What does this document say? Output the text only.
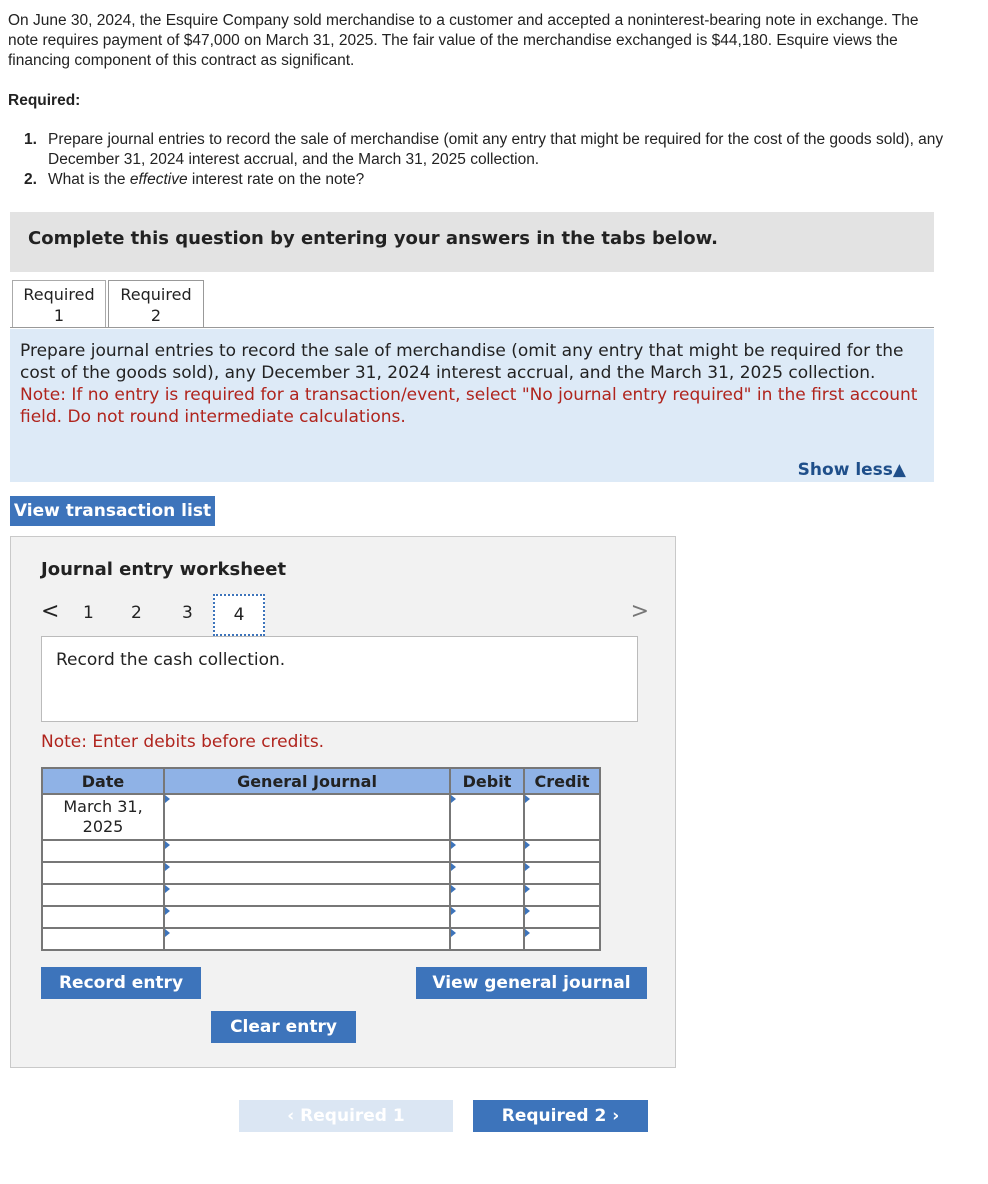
On June 30, 2024, the Esquire Company sold merchandise to a customer and accepted a noninterest-bearing note in exchange. The note requires payment of $47,000 on March 31, 2025. The fair value of the merchandise exchanged is $44,180. Esquire views the financing component of this contract as significant.

Required:
1. Prepare journal entries to record the sale of merchandise (omit any entry that might be required for the cost of the goods sold), any December 31, 2024 interest accrual, and the March 31, 2025 collection.
2. What is the effective interest rate on the note?
Complete this question by entering your answers in the tabs below.
Required
1
Required
2
Prepare journal entries to record the sale of merchandise (omit any entry that might be required for the cost of the goods sold), any December 31, 2024 interest accrual, and the March 31, 2025 collection.
Note: If no entry is required for a transaction/event, select "No journal entry required" in the first account field. Do not round intermediate calculations.
Show less▲
View transaction list
Journal entry worksheet
< 1 2 3	4	>
Record the cash collection.
Note: Enter debits before credits.
Date	General Journal	Debit	Credit

March 31,
2025			

Record entry	View general journal
Clear entry
‹ Required 1	Required 2 ›
